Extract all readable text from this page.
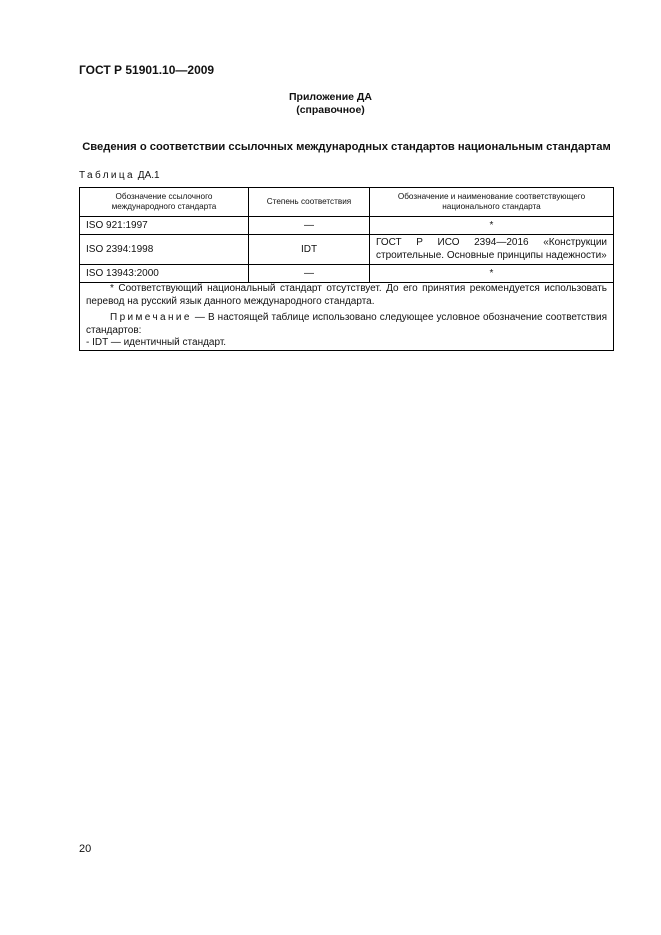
ГОСТ Р 51901.10—2009
Приложение ДА
(справочное)
Сведения о соответствии ссылочных международных стандартов национальным стандартам
Таблица ДА.1
Обозначение ссылочного международного стандарта	Степень соответствия	Обозначение и наименование соответствующего национального стандарта
ISO 921:1997	—	*
ISO 2394:1998	IDT	ГОСТ Р ИСО 2394—2016 «Конструкции строительные. Основные принципы надежности»
ISO 13943:2000	—	*

* Соответствующий национальный стандарт отсутствует. До его принятия рекомендуется использовать перевод на русский язык данного международного стандарта.

Примечание — В настоящей таблице использовано следующее условное обозначение соответствия стандартов:

- IDT — идентичный стандарт.		

20
